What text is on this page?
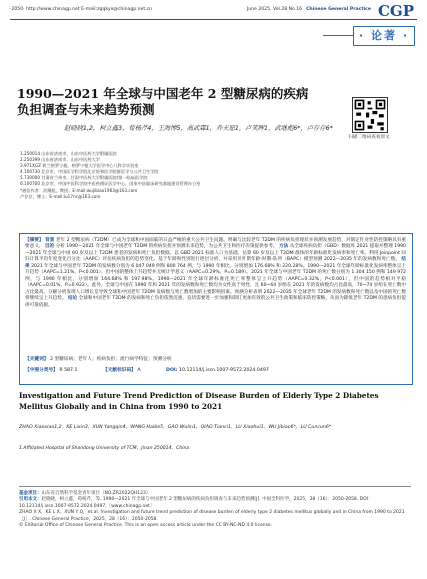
·2050· http://www.chinagp.net E-mail:zgqkyx@chinagp.net.cn	June 2025, Vol.28 No.16 Chinese General Practice CGP
· 论著 ·
1990—2021 年全球与中国老年 2 型糖尿病的疾病负担调查与未来趋势预测
赵晓晓1,2，柯立鑫3，荀杨芹4，王海博5，高武霖1，乔天愿1，卢笑晖1，武继彪6*，卢存存6*
扫描二维码查看原文
1.250014 山东省济南市，山东中医药大学附属医院
2.250399 山东省济南市，山东中医药大学
3.971XGZ 荷兰格罗宁根，格罗宁根大学医学中心儿科学实验室
4.100730 北京市，中国医学科学院北京协和医学院群医学与公共卫生学院
5.730000 甘肃省兰州市，甘肃中医药大学附属医院/第一临床医学院
6.100700 北京市，中国中医科学院中医药循证医学中心，国家中医临床研究基地建设管理办公室
*通信作者：武继彪，教授；E-mail:wujibiao1963@163.com
卢存存，博士；E-mail:lu17nc@163.com
【摘要】 背景 老年 2 型糖尿病（T2DM）已成为全球和中国面临的日益严峻的重大公共卫生问题。明确与比较老年 T2DM 的疾病负担现状并预测发展趋势，对制定针对性防控策略具有重要意义。 目的 分析 1990—2021 年全球与中国老年 T2DM 的疾病负担并预测未来趋势，为公共卫生和医疗决策提供参考。 方法 从全球疾病负担（GBD）数据库 2021 提取并整理 1990—2021 年全球与中国 60 岁及以上 T2DM 患者的发病和死亡负担数据。以 GBD 2021 标准人口为基础，估算 60 岁及以上 T2DM 群体的年龄标准化发病率和死亡率。利用 Joinpoint 回归计算平均年度变化百分比（AAPC）评估疾病负担的趋势变化。基于年龄和性别进行逐层分析，并采用贝叶斯年龄-时期-队列（BAPC）模型预测 2022—2035 年的发病数和死亡数。 结果 2021 年全球与中国老年 T2DM 的发病数分别为 6 047 049 例和 800 764 例，与 1990 年相比，分别增加 176.68% 和 220.28%。1990—2021 年全球年龄标准化发病率整体呈上升趋势（AAPC=1.21%，P<0.001），但中国的整体上升趋势并无统计学意义（AAPC=0.29%，P=0.189）。2021 年全球与中国老年 T2DM 的死亡数分别为 1 304 150 例和 149 972 例，与 1990 年相比，分别增加 164.68% 和 197.98%。1990—2021 年全球年龄标准化死亡率整体呈上升趋势（AAPC=0.32%，P<0.001），但中国的趋势相对平稳（AAPC=0.01%，P=0.922）。此外，全球与中国在 1990 年和 2021 年的发病数和死亡数均为女性高于男性，且 60~64 岁组在 2021 年的发病数均占比最高，70~74 岁组在死亡数中占比最高。分解分析发现人口增长是导致全球和中国老年 T2DM 发病数与死亡数增加的主要影响因素。预测分析表明 2022—2035 年全球老年 T2DM 的发病数和死亡数以及中国的死亡数将继续呈上升趋势。 结论 全球和中国老年 T2DM 的发病和死亡负担依然沉重，迫切需要进一步加强和制订更加有效的公共卫生政策和临床防控策略，从而为降低老年 T2DM 的患病负担提供可靠依据。
【关键词】 2 型糖尿病；老年人；疾病负担；流行病学特征；预测分析
【中图分类号】 R 587.1	【文献标识码】 A	DOI: 10.12114/j.issn.1007-9572.2024.0497
Investigation and Future Trend Prediction of Disease Burden of Elderly Type 2 Diabetes Mellitus Globally and in China from 1990 to 2021
ZHAO Xiaoxiao1,2，KE Lixin3，XUN Yangqin4，WANG Haibo5，GAO Wulin1，QIAO Tianci1，LU Xiaohui1，WU Jibiao6*，LU Cuncun6*
1.Affiliated Hospital of Shandong University of TCM，Jinan 250014，China
基金项目：山东省自然科学基金青年项目（NO.ZR2022QH123）
引用本文：赵晓晓，柯立鑫，荀杨芹，等. 1990—2021 年全球与中国老年 2 型糖尿病的疾病负担调查与未来趋势预测[J]. 中国全科医学，2025，28（16）：2050-2058. DOI：10.12114/j.issn.1007-9572.2024.0497.［www.chinagp.net］
ZHAO X X，KE L X，XUN Y Q，et al. Investigation and future trend prediction of disease burden of elderly type 2 diabetes mellitus globally and in China from 1990 to 2021［J］. Chinese General Practice，2025，28（16）：2050-2058.
© Editorial Office of Chinese General Practice. This is an open access article under the CC BY-NC-ND 4.0 license.
